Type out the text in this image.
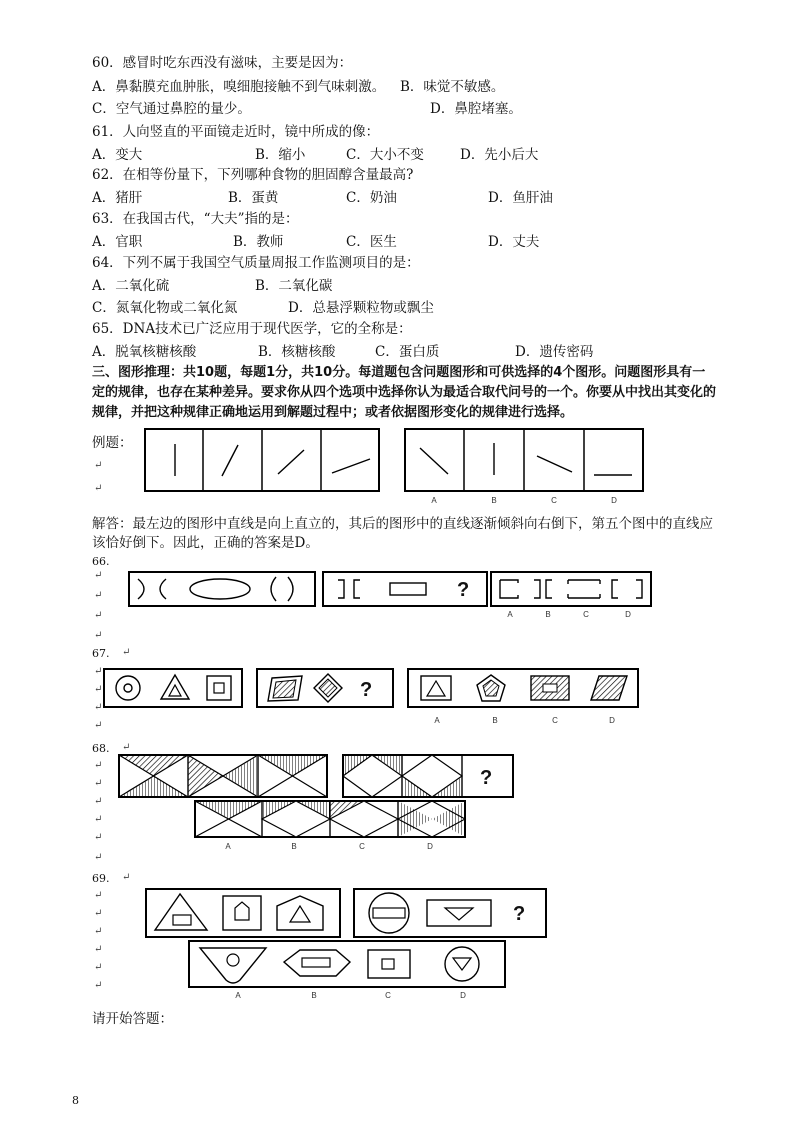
60．感冒时吃东西没有滋味，主要是因为：
A．鼻黏膜充血肿胀，嗅细胞接触不到气味刺激。 B．味觉不敏感。
C．空气通过鼻腔的量少。	D．鼻腔堵塞。
61．人向竖直的平面镜走近时，镜中所成的像：
A．变大	B．缩小	C．大小不变	D．先小后大
62．在相等份量下，下列哪种食物的胆固醇含量最高?
A．猪肝	B．蛋黄	C．奶油	D．鱼肝油
63．在我国古代，“大夫”指的是：
A．官职	B．教师	C．医生	D．丈夫
64．下列不属于我国空气质量周报工作监测项目的是：
A．二氧化硫	B．二氧化碳
C．氮氧化物或二氧化氮	D．总悬浮颗粒物或飘尘
65．DNA技术已广泛应用于现代医学，它的全称是：
A．脱氧核糖核酸	B．核糖核酸	C．蛋白质	D．遗传密码
三、图形推理：共10题，每题1分，共10分。每道题包含问题图形和可供选择的4个图形。问题图形具有一
定的规律，也存在某种差异。要求你从四个选项中选择你认为最适合取代问号的一个。你要从中找出其变化的
规律，并把这种规律正确地运用到解题过程中；或者依据图形变化的规律进行选择。
例题：
↵
↵
A	B	C	D
解答：最左边的图形中直线是向上直立的，其后的图形中的直线逐渐倾斜向右倒下，第五个图中的直线应
该恰好倒下。因此，正确的答案是D。
66.
↵
↵
↵
↵
?
A	B	C	D
67. ↵
↵
↵
↵
↵
?
A	B	C	D
68. ↵
↵
↵
↵
↵
↵
↵
?
A	B	C	D
69. ↵
↵
↵
↵
↵
↵
↵
?
A	B	C	D
请开始答题：
8
